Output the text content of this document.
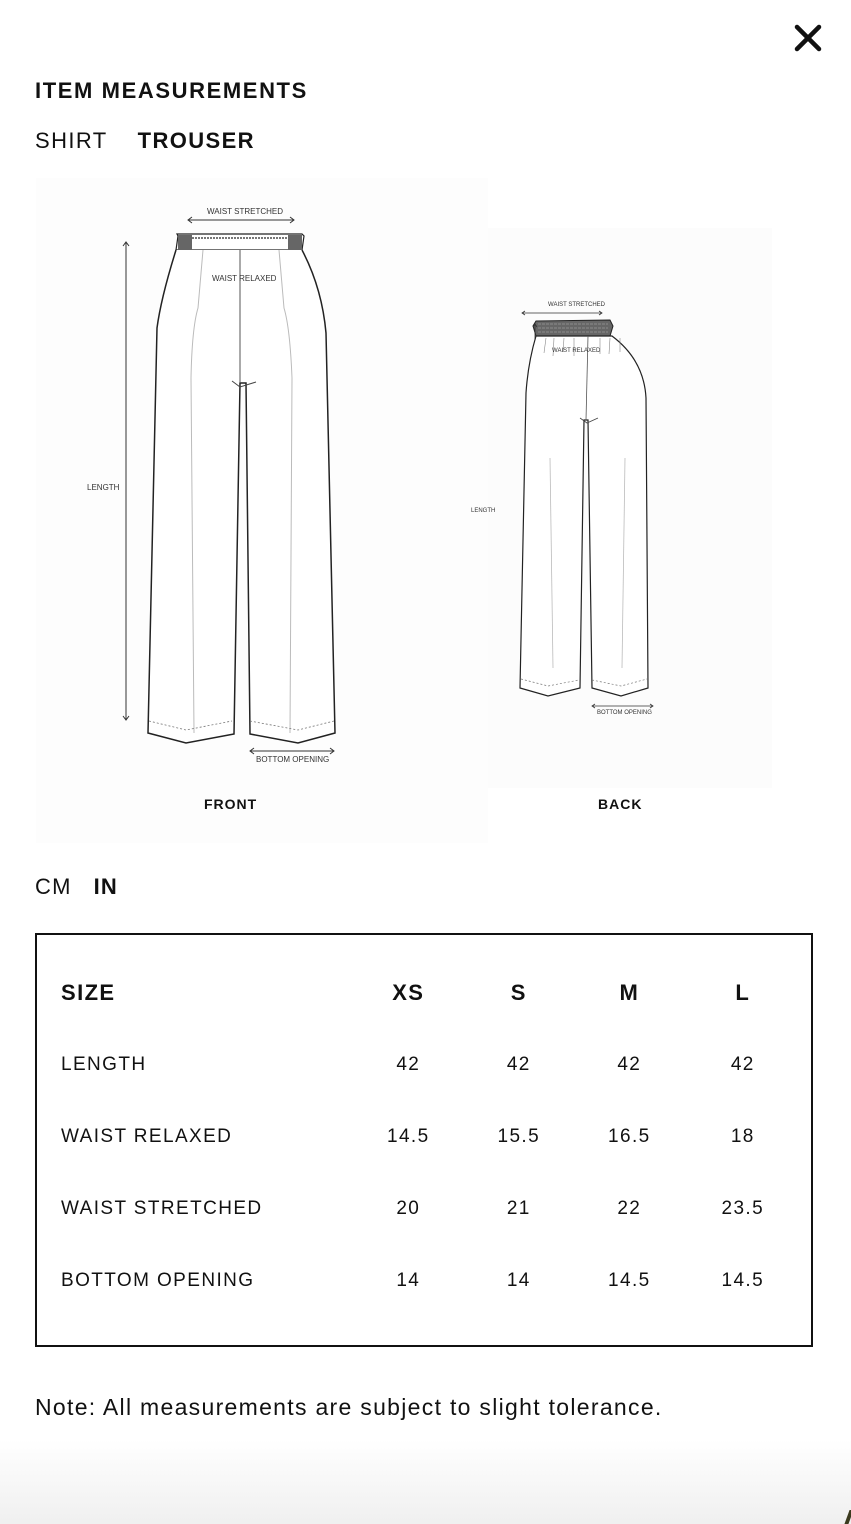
ITEM MEASUREMENTS
SHIRT TROUSER
WAIST STRETCHED
WAIST RELAXED
LENGTH
BOTTOM OPENING
FRONT
WAIST STRETCHED
WAIST RELAXED
LENGTH
BOTTOM OPENING
BACK
CM IN
SIZE	XS	S	M	L
LENGTH	42	42	42	42
WAIST RELAXED	14.5	15.5	16.5	18
WAIST STRETCHED	20	21	22	23.5
BOTTOM OPENING	14	14	14.5	14.5
Note: All measurements are subject to slight tolerance.
